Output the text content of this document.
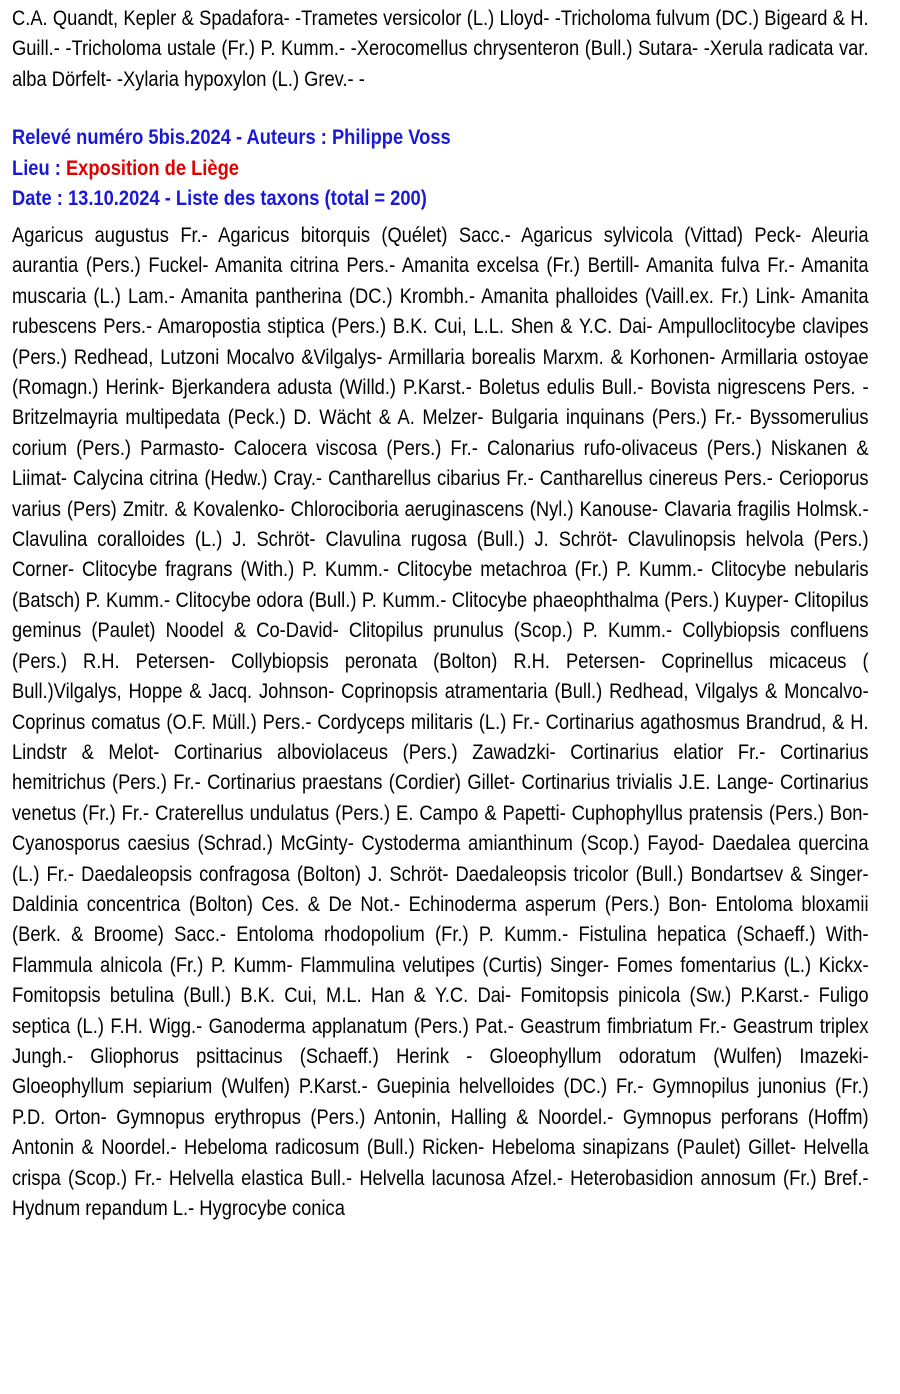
C.A. Quandt, Kepler & Spadafora- -Trametes versicolor (L.) Lloyd- -Tricholoma fulvum (DC.) Bigeard & H. Guill.- -Tricholoma ustale (Fr.) P. Kumm.- -Xerocomellus chrysenteron (Bull.) Sutara- -Xerula radicata var. alba Dörfelt- -Xylaria hypoxylon (L.) Grev.- -

Relevé numéro 5bis.2024 - Auteurs : Philippe Voss
Lieu : Exposition de Liège
Date : 13.10.2024 - Liste des taxons (total = 200)

Agaricus augustus Fr.- Agaricus bitorquis (Quélet) Sacc.- Agaricus sylvicola (Vittad) Peck- Aleuria aurantia (Pers.) Fuckel- Amanita citrina Pers.- Amanita excelsa (Fr.) Bertill- Amanita fulva Fr.- Amanita muscaria (L.) Lam.- Amanita pantherina (DC.) Krombh.- Amanita phalloides (Vaill.ex. Fr.) Link- Amanita rubescens Pers.- Amaropostia stiptica (Pers.) B.K. Cui, L.L. Shen & Y.C. Dai- Ampulloclitocybe clavipes (Pers.) Redhead, Lutzoni Mocalvo &Vilgalys- Armillaria borealis Marxm. & Korhonen- Armillaria ostoyae (Romagn.) Herink- Bjerkandera adusta (Willd.) P.Karst.- Boletus edulis Bull.- Bovista nigrescens Pers. - Britzelmayria multipedata (Peck.) D. Wächt & A. Melzer- Bulgaria inquinans (Pers.) Fr.- Byssomerulius corium (Pers.) Parmasto- Calocera viscosa (Pers.) Fr.- Calonarius rufo-olivaceus (Pers.) Niskanen & Liimat- Calycina citrina (Hedw.) Cray.- Cantharellus cibarius Fr.- Cantharellus cinereus Pers.- Cerioporus varius (Pers) Zmitr. & Kovalenko- Chlorociboria aeruginascens (Nyl.) Kanouse- Clavaria fragilis Holmsk.- Clavulina coralloides (L.) J. Schröt- Clavulina rugosa (Bull.) J. Schröt- Clavulinopsis helvola (Pers.) Corner- Clitocybe fragrans (With.) P. Kumm.- Clitocybe metachroa (Fr.) P. Kumm.- Clitocybe nebularis (Batsch) P. Kumm.- Clitocybe odora (Bull.) P. Kumm.- Clitocybe phaeophthalma (Pers.) Kuyper- Clitopilus geminus (Paulet) Noodel & Co-David- Clitopilus prunulus (Scop.) P. Kumm.- Collybiopsis confluens (Pers.) R.H. Petersen- Collybiopsis peronata (Bolton) R.H. Petersen- Coprinellus micaceus ( Bull.)Vilgalys, Hoppe & Jacq. Johnson- Coprinopsis atramentaria (Bull.) Redhead, Vilgalys & Moncalvo- Coprinus comatus (O.F. Müll.) Pers.- Cordyceps militaris (L.) Fr.- Cortinarius agathosmus Brandrud, & H. Lindstr & Melot- Cortinarius alboviolaceus (Pers.) Zawadzki- Cortinarius elatior Fr.- Cortinarius hemitrichus (Pers.) Fr.- Cortinarius praestans (Cordier) Gillet- Cortinarius trivialis J.E. Lange- Cortinarius venetus (Fr.) Fr.- Craterellus undulatus (Pers.) E. Campo & Papetti- Cuphophyllus pratensis (Pers.) Bon- Cyanosporus caesius (Schrad.) McGinty- Cystoderma amianthinum (Scop.) Fayod- Daedalea quercina (L.) Fr.- Daedaleopsis confragosa (Bolton) J. Schröt- Daedaleopsis tricolor (Bull.) Bondartsev & Singer- Daldinia concentrica (Bolton) Ces. & De Not.- Echinoderma asperum (Pers.) Bon- Entoloma bloxamii (Berk. & Broome) Sacc.- Entoloma rhodopolium (Fr.) P. Kumm.- Fistulina hepatica (Schaeff.) With- Flammula alnicola (Fr.) P. Kumm- Flammulina velutipes (Curtis) Singer- Fomes fomentarius (L.) Kickx- Fomitopsis betulina (Bull.) B.K. Cui, M.L. Han & Y.C. Dai- Fomitopsis pinicola (Sw.) P.Karst.- Fuligo septica (L.) F.H. Wigg.- Ganoderma applanatum (Pers.) Pat.- Geastrum fimbriatum Fr.- Geastrum triplex Jungh.- Gliophorus psittacinus (Schaeff.) Herink - Gloeophyllum odoratum (Wulfen) Imazeki- Gloeophyllum sepiarium (Wulfen) P.Karst.- Guepinia helvelloides (DC.) Fr.- Gymnopilus junonius (Fr.) P.D. Orton- Gymnopus erythropus (Pers.) Antonin, Halling & Noordel.- Gymnopus perforans (Hoffm) Antonin & Noordel.- Hebeloma radicosum (Bull.) Ricken- Hebeloma sinapizans (Paulet) Gillet- Helvella crispa (Scop.) Fr.- Helvella elastica Bull.- Helvella lacunosa Afzel.- Heterobasidion annosum (Fr.) Bref.- Hydnum repandum L.- Hygrocybe conica
